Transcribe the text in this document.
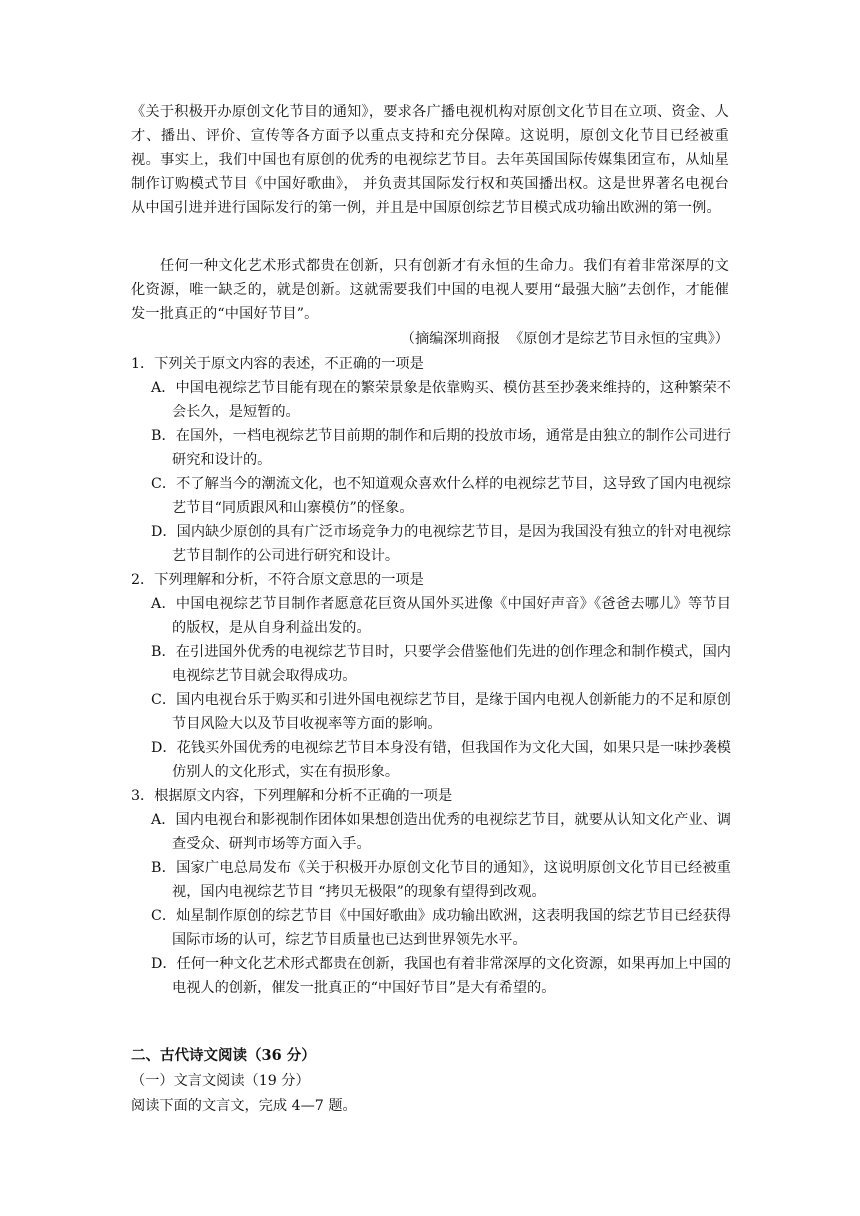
《关于积极开办原创文化节目的通知》，要求各广播电视机构对原创文化节目在立项、资金、人才、播出、评价、宣传等各方面予以重点支持和充分保障。这说明，原创文化节目已经被重视。事实上，我们中国也有原创的优秀的电视综艺节目。去年英国国际传媒集团宣布，从灿星制作订购模式节目《中国好歌曲》， 并负责其国际发行权和英国播出权。这是世界著名电视台从中国引进并进行国际发行的第一例，并且是中国原创综艺节目模式成功输出欧洲的第一例。
任何一种文化艺术形式都贵在创新，只有创新才有永恒的生命力。我们有着非常深厚的文化资源，唯一缺乏的，就是创新。这就需要我们中国的电视人要用“最强大脑”去创作，才能催发一批真正的“中国好节目”。
（摘编深圳商报  《原创才是综艺节目永恒的宝典》）

1．下列关于原文内容的表述，不正确的一项是

A．中国电视综艺节目能有现在的繁荣景象是依靠购买、模仿甚至抄袭来维持的，这种繁荣不会长久，是短暂的。

B．在国外，一档电视综艺节目前期的制作和后期的投放市场，通常是由独立的制作公司进行研究和设计的。

C．不了解当今的潮流文化，也不知道观众喜欢什么样的电视综艺节目，这导致了国内电视综艺节目“同质跟风和山寨模仿”的怪象。

D．国内缺少原创的具有广泛市场竞争力的电视综艺节目，是因为我国没有独立的针对电视综艺节目制作的公司进行研究和设计。

2．下列理解和分析，不符合原文意思的一项是

A．中国电视综艺节目制作者愿意花巨资从国外买进像《中国好声音》《爸爸去哪儿》等节目的版权，是从自身利益出发的。

B．在引进国外优秀的电视综艺节目时，只要学会借鉴他们先进的创作理念和制作模式，国内电视综艺节目就会取得成功。

C．国内电视台乐于购买和引进外国电视综艺节目，是缘于国内电视人创新能力的不足和原创节目风险大以及节目收视率等方面的影响。

D．花钱买外国优秀的电视综艺节目本身没有错，但我国作为文化大国，如果只是一味抄袭模仿别人的文化形式，实在有损形象。

3．根据原文内容，下列理解和分析不正确的一项是

A．国内电视台和影视制作团体如果想创造出优秀的电视综艺节目，就要从认知文化产业、调查受众、研判市场等方面入手。

B．国家广电总局发布《关于积极开办原创文化节目的通知》，这说明原创文化节目已经被重视，国内电视综艺节目 “拷贝无极限”的现象有望得到改观。

C．灿星制作原创的综艺节目《中国好歌曲》成功输出欧洲，这表明我国的综艺节目已经获得国际市场的认可，综艺节目质量也已达到世界领先水平。

D．任何一种文化艺术形式都贵在创新，我国也有着非常深厚的文化资源，如果再加上中国的电视人的创新，催发一批真正的“中国好节目”是大有希望的。

二、古代诗文阅读（36 分）
（一）文言文阅读（19 分）
阅读下面的文言文，完成 4—7 题。
